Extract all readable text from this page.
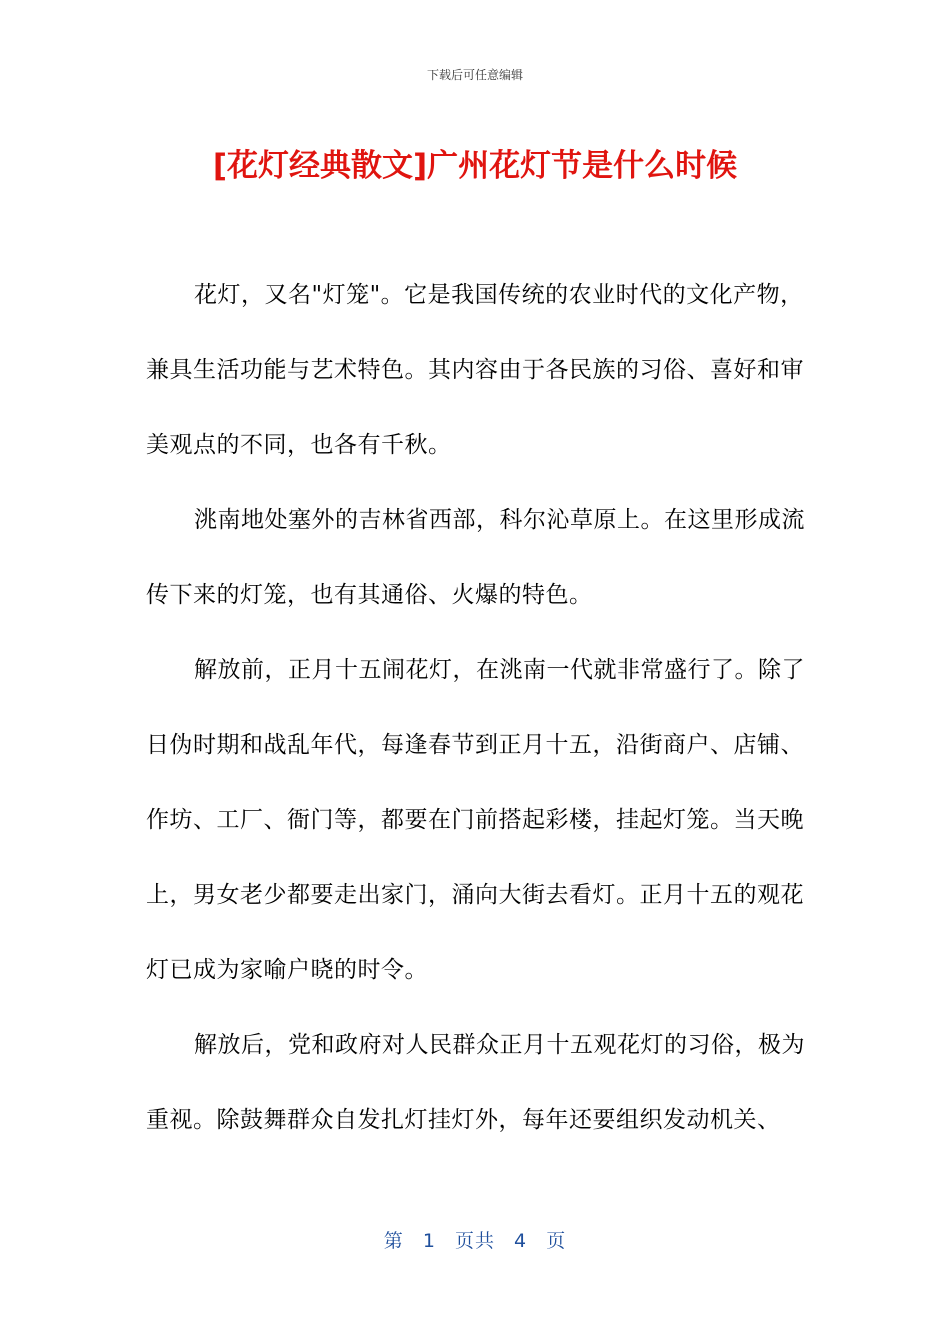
下载后可任意编辑
[花灯经典散文]广州花灯节是什么时候

花灯，又名"灯笼"。它是我国传统的农业时代的文化产物，兼具生活功能与艺术特色。其内容由于各民族的习俗、喜好和审美观点的不同，也各有千秋。

洮南地处塞外的吉林省西部，科尔沁草原上。在这里形成流传下来的灯笼，也有其通俗、火爆的特色。

解放前，正月十五闹花灯，在洮南一代就非常盛行了。除了日伪时期和战乱年代，每逢春节到正月十五，沿街商户、店铺、作坊、工厂、衙门等，都要在门前搭起彩楼，挂起灯笼。当天晚上，男女老少都要走出家门，涌向大街去看灯。正月十五的观花灯已成为家喻户晓的时令。

解放后，党和政府对人民群众正月十五观花灯的习俗，极为重视。除鼓舞群众自发扎灯挂灯外，每年还要组织发动机关、

第 1 页共 4 页
